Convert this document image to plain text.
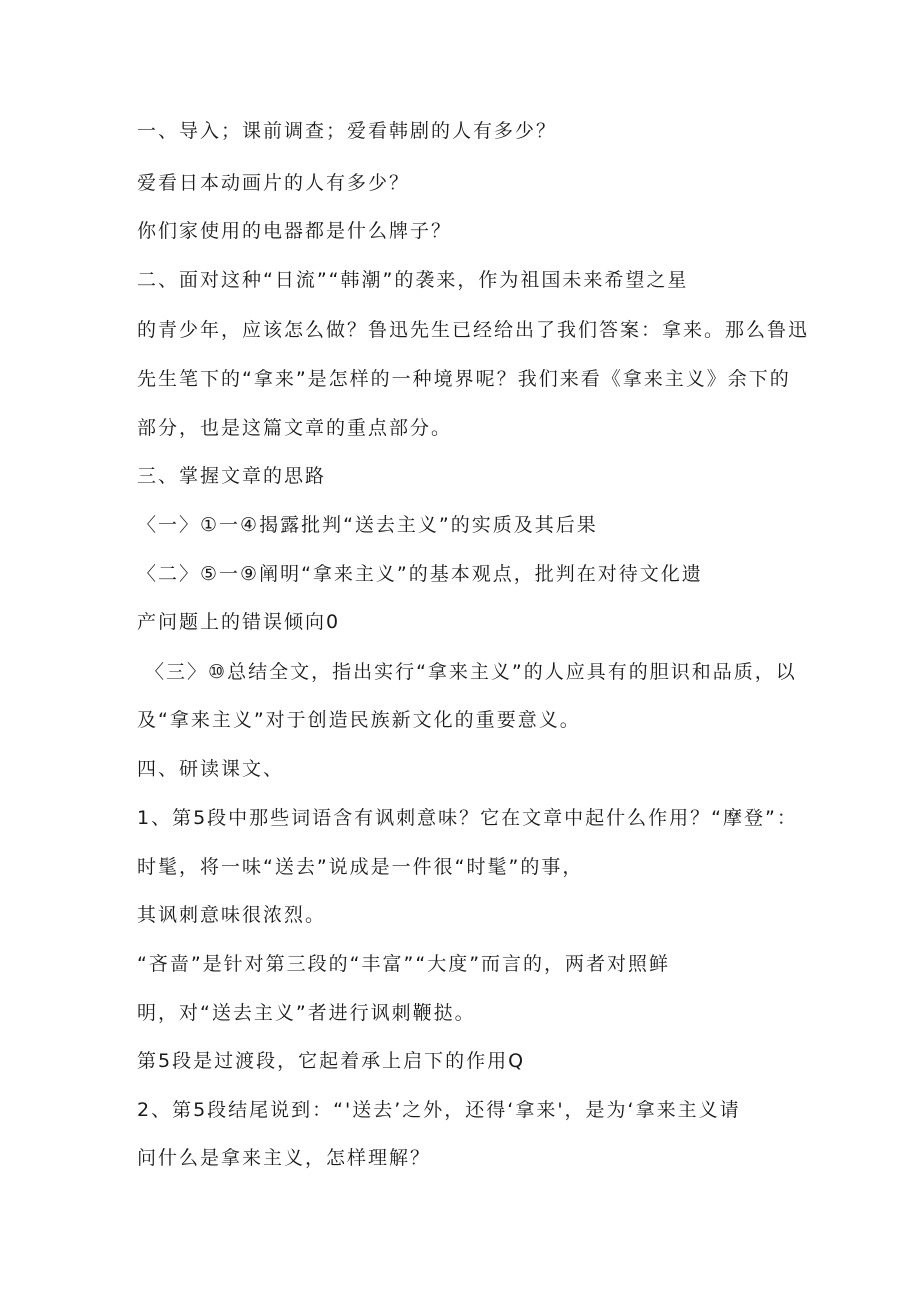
一、导入；课前调查；爱看韩剧的人有多少？

爱看日本动画片的人有多少？

你们家使用的电器都是什么牌子？

二、面对这种“日流”“韩潮”的袭来，作为祖国未来希望之星

的青少年，应该怎么做？鲁迅先生已经给出了我们答案：拿来。那么鲁迅

先生笔下的“拿来”是怎样的一种境界呢？我们来看《拿来主义》余下的

部分，也是这篇文章的重点部分。

三、掌握文章的思路

〈一〉①一④揭露批判“送去主义”的实质及其后果

〈二〉⑤一⑨阐明“拿来主义”的基本观点，批判在对待文化遗

产问题上的错误倾向0

〈三〉⑩总结全文，指出实行“拿来主义”的人应具有的胆识和品质，以

及“拿来主义”对于创造民族新文化的重要意义。

四、研读课文、

1、第5段中那些词语含有讽刺意味？它在文章中起什么作用？“摩登”：

时髦，将一味“送去”说成是一件很“时髦”的事，

其讽刺意味很浓烈。

“吝啬”是针对第三段的“丰富”“大度”而言的，两者对照鲜

明，对“送去主义”者进行讽刺鞭挞。

第5段是过渡段，它起着承上启下的作用Q

2、第5段结尾说到：“'送去’之外，还得‘拿来'，是为‘拿来主义请

问什么是拿来主义，怎样理解？
